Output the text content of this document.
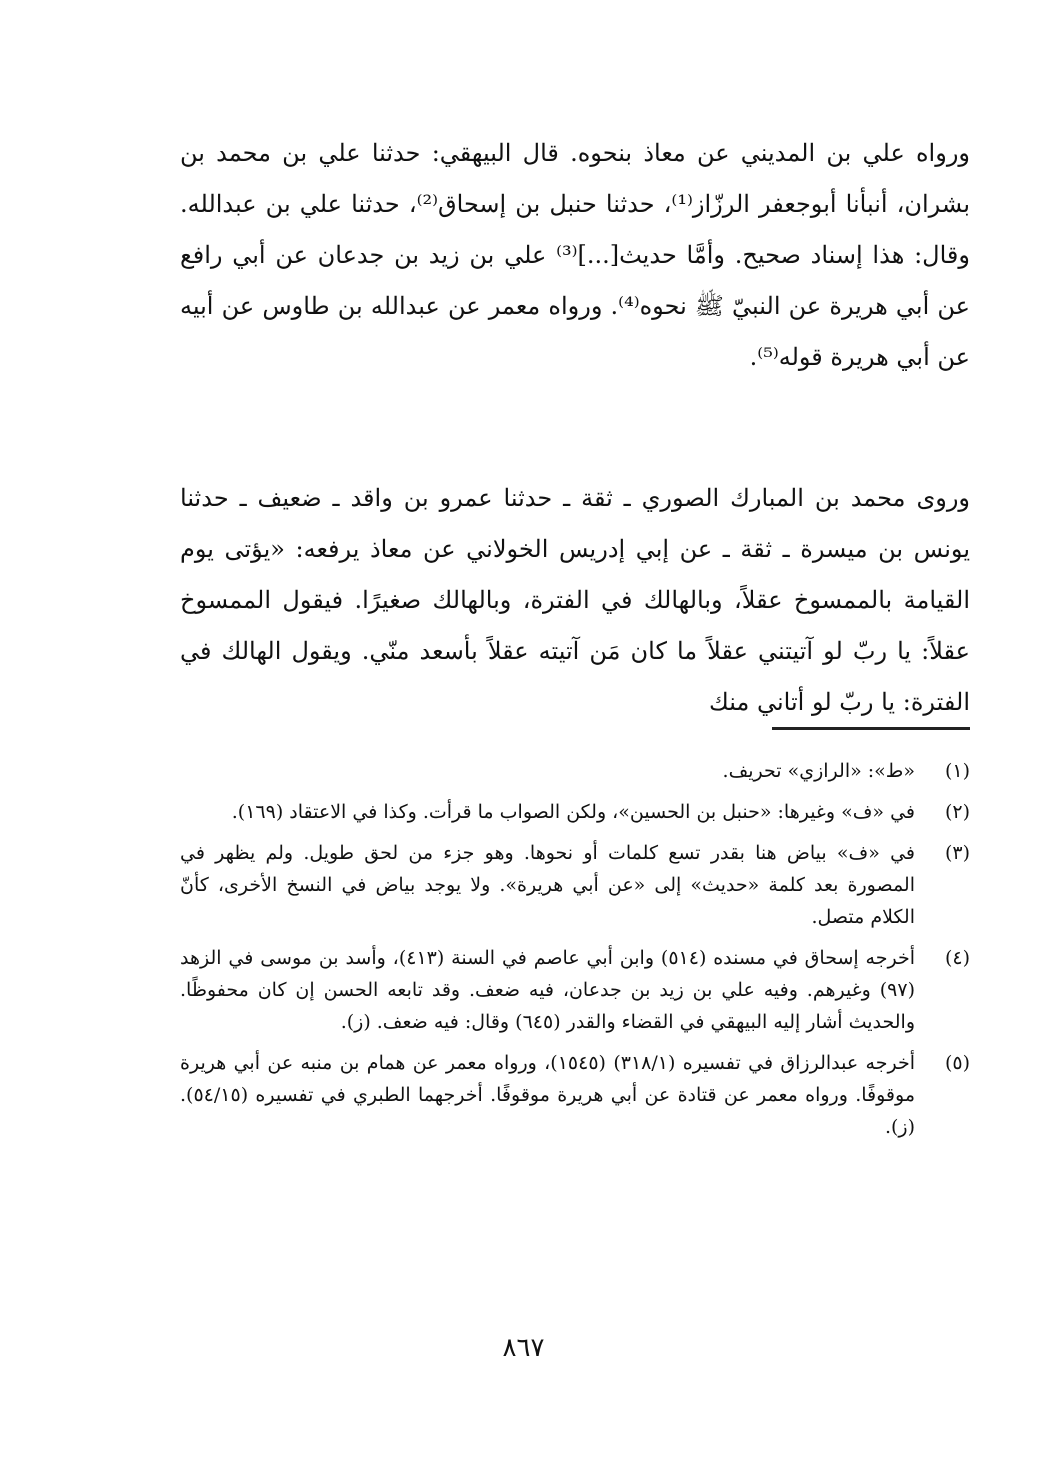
ورواه علي بن المديني عن معاذ بنحوه. قال البيهقي: حدثنا علي بن محمد بن بشران، أنبأنا أبوجعفر الرزّاز⁽¹⁾، حدثنا حنبل بن إسحاق⁽²⁾، حدثنا علي بن عبدالله. وقال: هذا إسناد صحيح. وأمَّا حديث[...]⁽³⁾ علي بن زيد بن جدعان عن أبي رافع عن أبي هريرة عن النبيّ ﷺ نحوه⁽⁴⁾. ورواه معمر عن عبدالله بن طاوس عن أبيه عن أبي هريرة قوله⁽⁵⁾.

وروى محمد بن المبارك الصوري ـ ثقة ـ حدثنا عمرو بن واقد ـ ضعيف ـ حدثنا يونس بن ميسرة ـ ثقة ـ عن إبي إدريس الخولاني عن معاذ يرفعه: «يؤتى يوم القيامة بالممسوخ عقلاً، وبالهالك في الفترة، وبالهالك صغيرًا. فيقول الممسوخ عقلاً: يا ربّ لو آتيتني عقلاً ما كان مَن آتيته عقلاً بأسعد منّي. ويقول الهالك في الفترة: يا ربّ لو أتاني منك

(١)
«ط»: «الرازي» تحريف.
(٢)
في «ف» وغيرها: «حنبل بن الحسين»، ولكن الصواب ما قرأت. وكذا في الاعتقاد (١٦٩).
(٣)
في «ف» بياض هنا بقدر تسع كلمات أو نحوها. وهو جزء من لحق طويل. ولم يظهر في المصورة بعد كلمة «حديث» إلى «عن أبي هريرة». ولا يوجد بياض في النسخ الأخرى، كأنّ الكلام متصل.
(٤)
أخرجه إسحاق في مسنده (٥١٤) وابن أبي عاصم في السنة (٤١٣)، وأسد بن موسى في الزهد (٩٧) وغيرهم. وفيه علي بن زيد بن جدعان، فيه ضعف. وقد تابعه الحسن إن كان محفوظًا. والحديث أشار إليه البيهقي في القضاء والقدر (٦٤٥) وقال: فيه ضعف. (ز).
(٥)
أخرجه عبدالرزاق في تفسيره (٣١٨/١) (١٥٤٥)، ورواه معمر عن همام بن منبه عن أبي هريرة موقوفًا. ورواه معمر عن قتادة عن أبي هريرة موقوفًا. أخرجهما الطبري في تفسيره (٥٤/١٥). (ز).
٨٦٧
